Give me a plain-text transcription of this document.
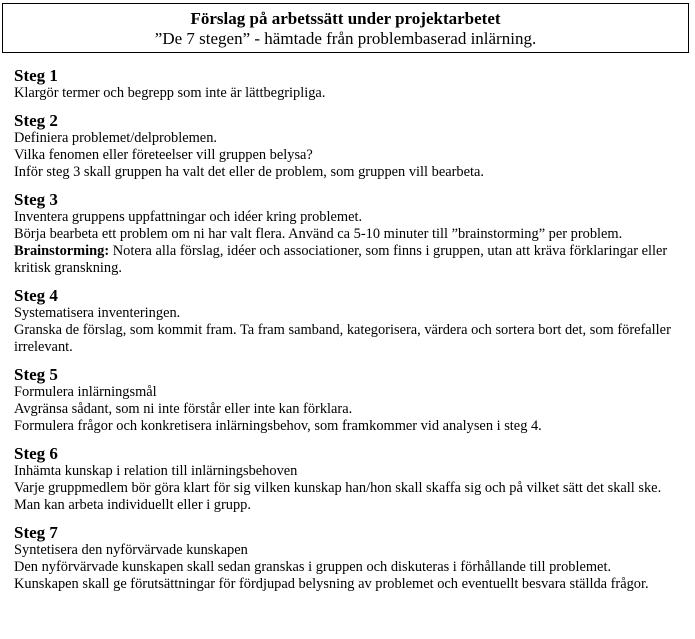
Förslag på arbetssätt under projektarbetet
”De 7 stegen” - hämtade från problembaserad inlärning.
Steg 1
Klargör termer och begrepp som inte är lättbegripliga.
Steg 2
Definiera problemet/delproblemen.
Vilka fenomen eller företeelser vill gruppen belysa?
Inför steg 3 skall gruppen ha valt det eller de problem, som gruppen vill bearbeta.
Steg 3
Inventera gruppens uppfattningar och idéer kring problemet.
Börja bearbeta ett problem om ni har valt flera. Använd ca 5-10 minuter till ”brainstorming” per problem.
Brainstorming: Notera alla förslag, idéer och associationer, som finns i gruppen, utan att kräva förklaringar eller kritisk granskning.
Steg 4
Systematisera inventeringen.
Granska de förslag, som kommit fram. Ta fram samband, kategorisera, värdera och sortera bort det, som förefaller irrelevant.
Steg 5
Formulera inlärningsmål
Avgränsa sådant, som ni inte förstår eller inte kan förklara.
Formulera frågor och konkretisera inlärningsbehov, som framkommer vid analysen i steg 4.
Steg 6
Inhämta kunskap i relation till inlärningsbehoven
Varje gruppmedlem bör göra klart för sig vilken kunskap han/hon skall skaffa sig och på vilket sätt det skall ske. Man kan arbeta individuellt eller i grupp.
Steg 7
Syntetisera den nyförvärvade kunskapen
Den nyförvärvade kunskapen skall sedan granskas i gruppen och diskuteras i förhållande till problemet.
Kunskapen skall ge förutsättningar för fördjupad belysning av problemet och eventuellt besvara ställda frågor.
